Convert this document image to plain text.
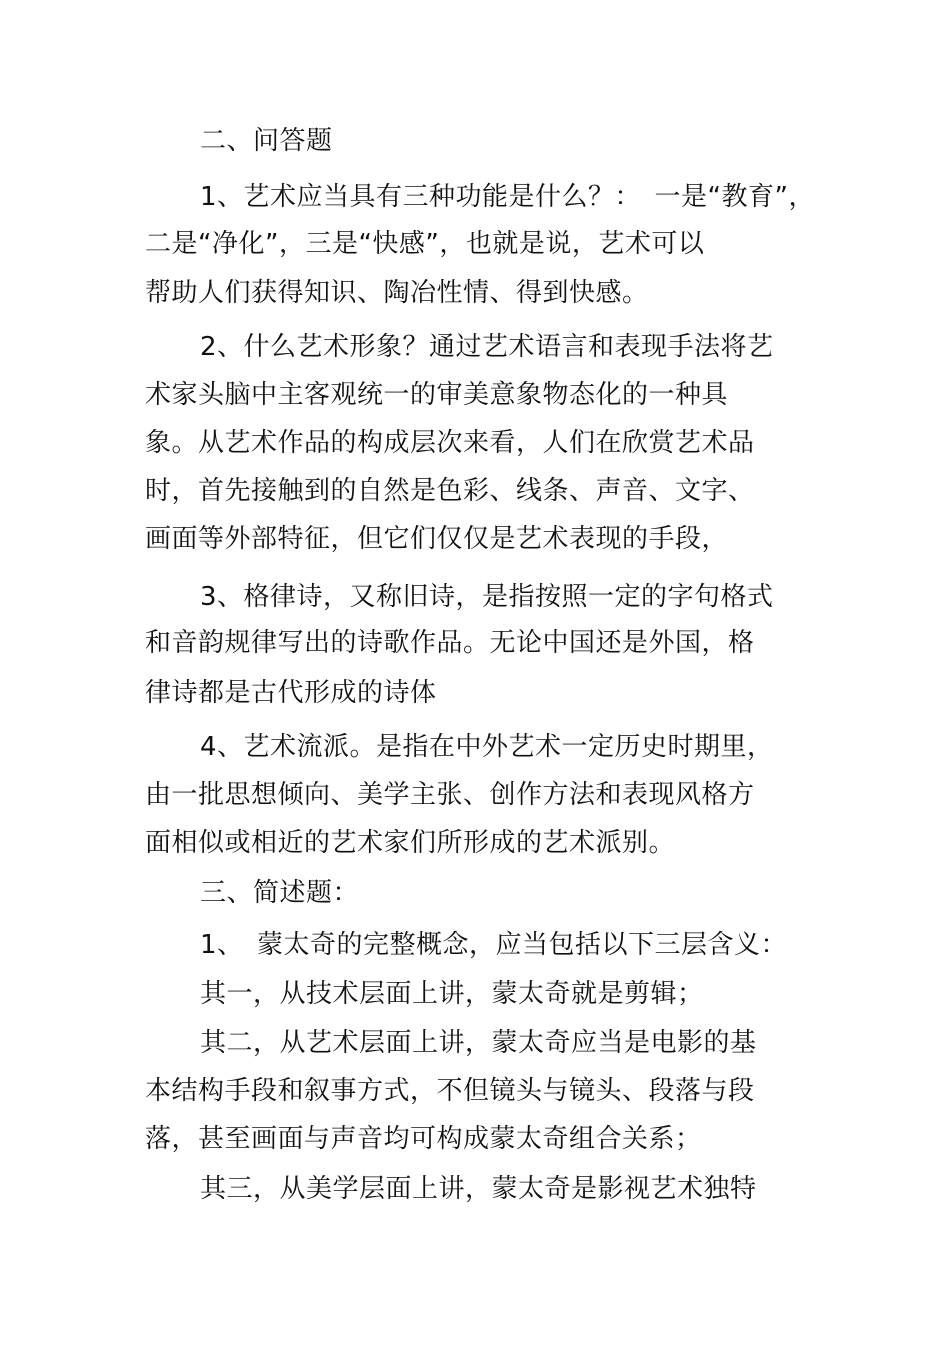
二、问答题
1、艺术应当具有三种功能是什么？：　一是“教育”，
二是“净化”，三是“快感”，也就是说，艺术可以
帮助人们获得知识、陶冶性情、得到快感。
2、什么艺术形象？通过艺术语言和表现手法将艺
术家头脑中主客观统一的审美意象物态化的一种具
象。从艺术作品的构成层次来看，人们在欣赏艺术品
时，首先接触到的自然是色彩、线条、声音、文字、
画面等外部特征，但它们仅仅是艺术表现的手段，
3、格律诗，又称旧诗，是指按照一定的字句格式
和音韵规律写出的诗歌作品。无论中国还是外国，格
律诗都是古代形成的诗体
4、艺术流派。是指在中外艺术一定历史时期里，
由一批思想倾向、美学主张、创作方法和表现风格方
面相似或相近的艺术家们所形成的艺术派别。
三、简述题：
1、　蒙太奇的完整概念，应当包括以下三层含义：
其一，从技术层面上讲，蒙太奇就是剪辑；
其二，从艺术层面上讲，蒙太奇应当是电影的基
本结构手段和叙事方式，不但镜头与镜头、段落与段
落，甚至画面与声音均可构成蒙太奇组合关系；
其三，从美学层面上讲，蒙太奇是影视艺术独特
